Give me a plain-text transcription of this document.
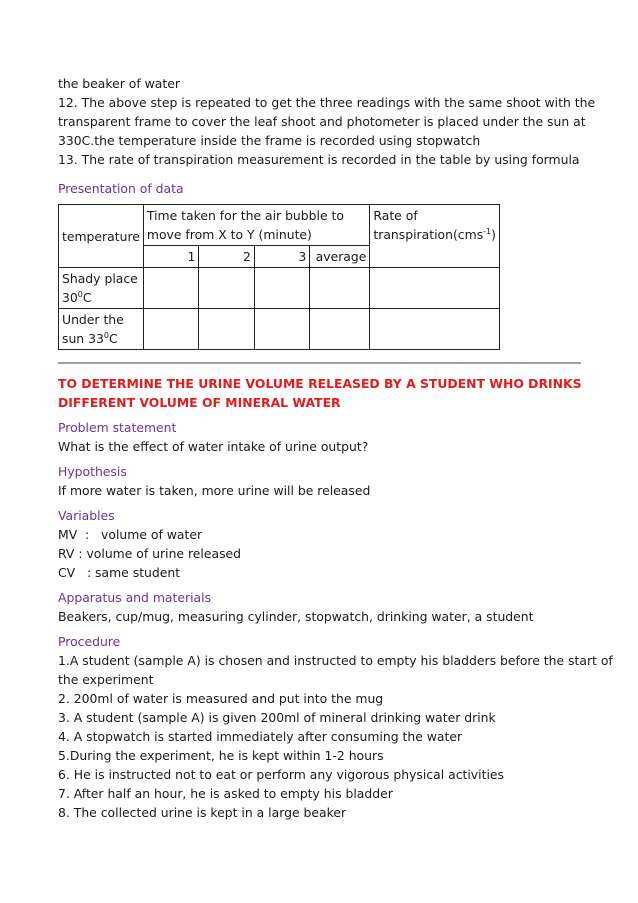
the beaker of water
12. The above step is repeated to get the three readings with the same shoot with the
transparent frame to cover the leaf shoot and photometer is placed under the sun at
330C.the temperature inside the frame is recorded using stopwatch
13. The rate of transpiration measurement is recorded in the table by using formula
Presentation of data
temperature	Time taken for the air bubble to move from X to Y (minute)				Rate of transpiration(cms$^{-1}$)
	1	2	3	average	
Shady place $30^0C$					
Under the sun $33^0C$					
TO DETERMINE THE URINE VOLUME RELEASED BY A STUDENT WHO DRINKS
DIFFERENT VOLUME OF MINERAL WATER
Problem statement
What is the effect of water intake of urine output?
Hypothesis
If more water is taken, more urine will be released
Variables
MV  :   volume of water
RV : volume of urine released
CV   : same student
Apparatus and materials
Beakers, cup/mug, measuring cylinder, stopwatch, drinking water, a student
Procedure
1.A student (sample A) is chosen and instructed to empty his bladders before the start of
the experiment
2. 200ml of water is measured and put into the mug
3. A student (sample A) is given 200ml of mineral drinking water drink
4. A stopwatch is started immediately after consuming the water
5.During the experiment, he is kept within 1-2 hours
6. He is instructed not to eat or perform any vigorous physical activities
7. After half an hour, he is asked to empty his bladder
8. The collected urine is kept in a large beaker
